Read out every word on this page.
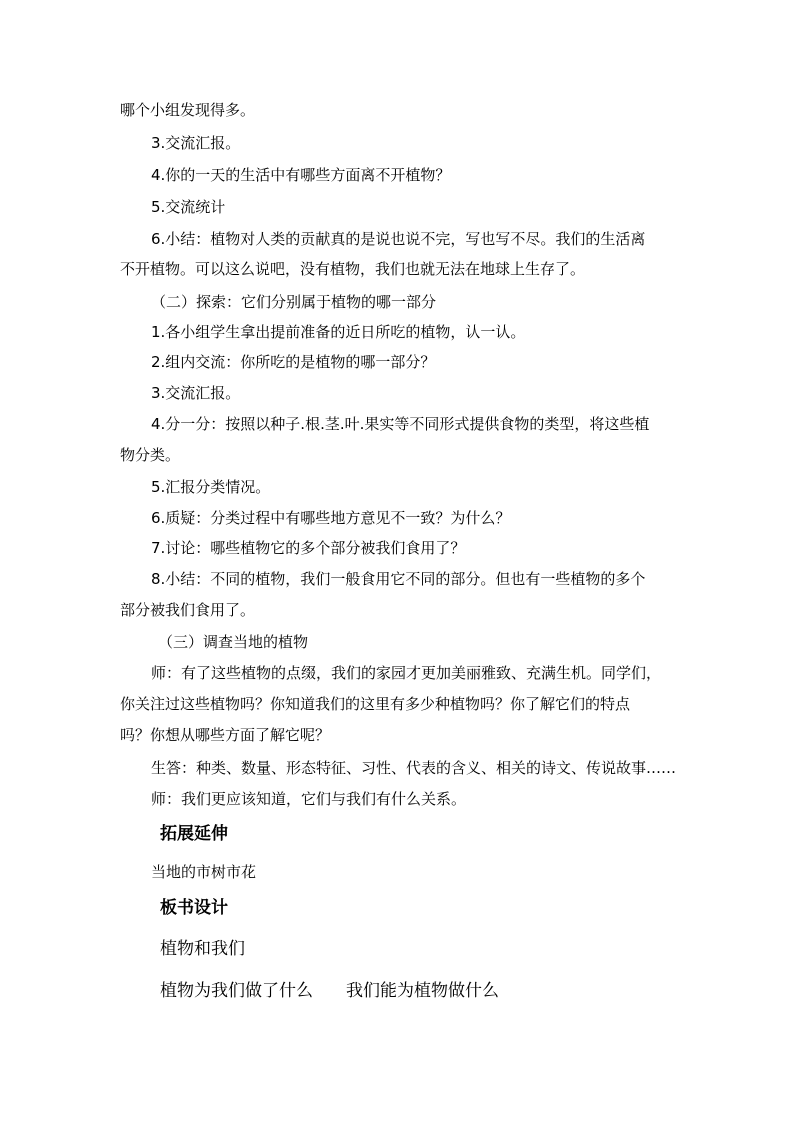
哪个小组发现得多。

3.交流汇报。

4.你的一天的生活中有哪些方面离不开植物？

5.交流统计

6.小结：植物对人类的贡献真的是说也说不完，写也写不尽。我们的生活离

不开植物。可以这么说吧，没有植物，我们也就无法在地球上生存了。

（二）探索：它们分别属于植物的哪一部分

1.各小组学生拿出提前准备的近日所吃的植物，认一认。

2.组内交流：你所吃的是植物的哪一部分？

3.交流汇报。

4.分一分：按照以种子.根.茎.叶.果实等不同形式提供食物的类型，将这些植

物分类。

5.汇报分类情况。

6.质疑：分类过程中有哪些地方意见不一致？为什么？

7.讨论：哪些植物它的多个部分被我们食用了？

8.小结：不同的植物，我们一般食用它不同的部分。但也有一些植物的多个

部分被我们食用了。

（三）调查当地的植物

师：有了这些植物的点缀，我们的家园才更加美丽雅致、充满生机。同学们，

你关注过这些植物吗？你知道我们的这里有多少种植物吗？你了解它们的特点

吗？你想从哪些方面了解它呢？

生答：种类、数量、形态特征、习性、代表的含义、相关的诗文、传说故事……

师：我们更应该知道，它们与我们有什么关系。

拓展延伸

当地的市树市花

板书设计

植物和我们

植物为我们做了什么 我们能为植物做什么
